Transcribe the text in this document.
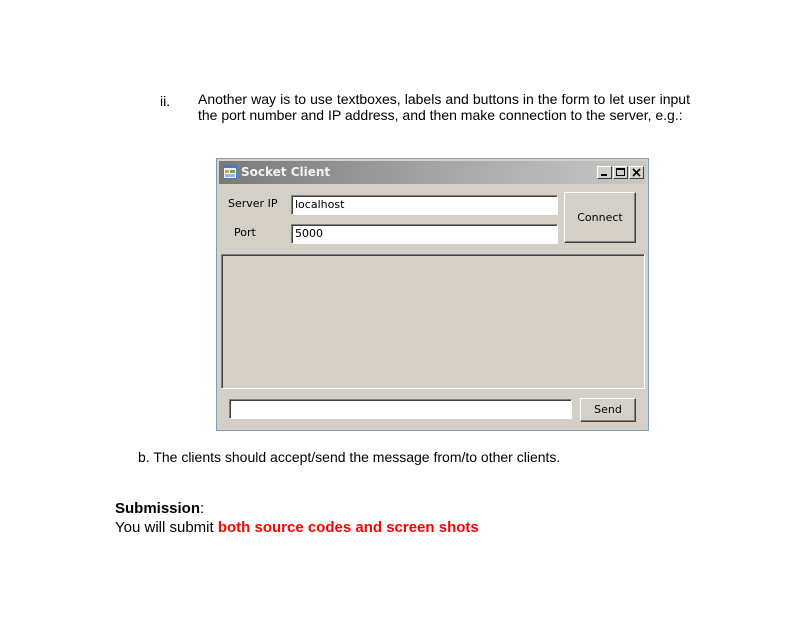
ii. Another way is to use textboxes, labels and buttons in the form to let user input the port number and IP address, and then make connection to the server, e.g.:
Socket Client
Server IP	localhost
Port	5000
Connect
Send
b. The clients should accept/send the message from/to other clients.
Submission:
You will submit both source codes and screen shots
